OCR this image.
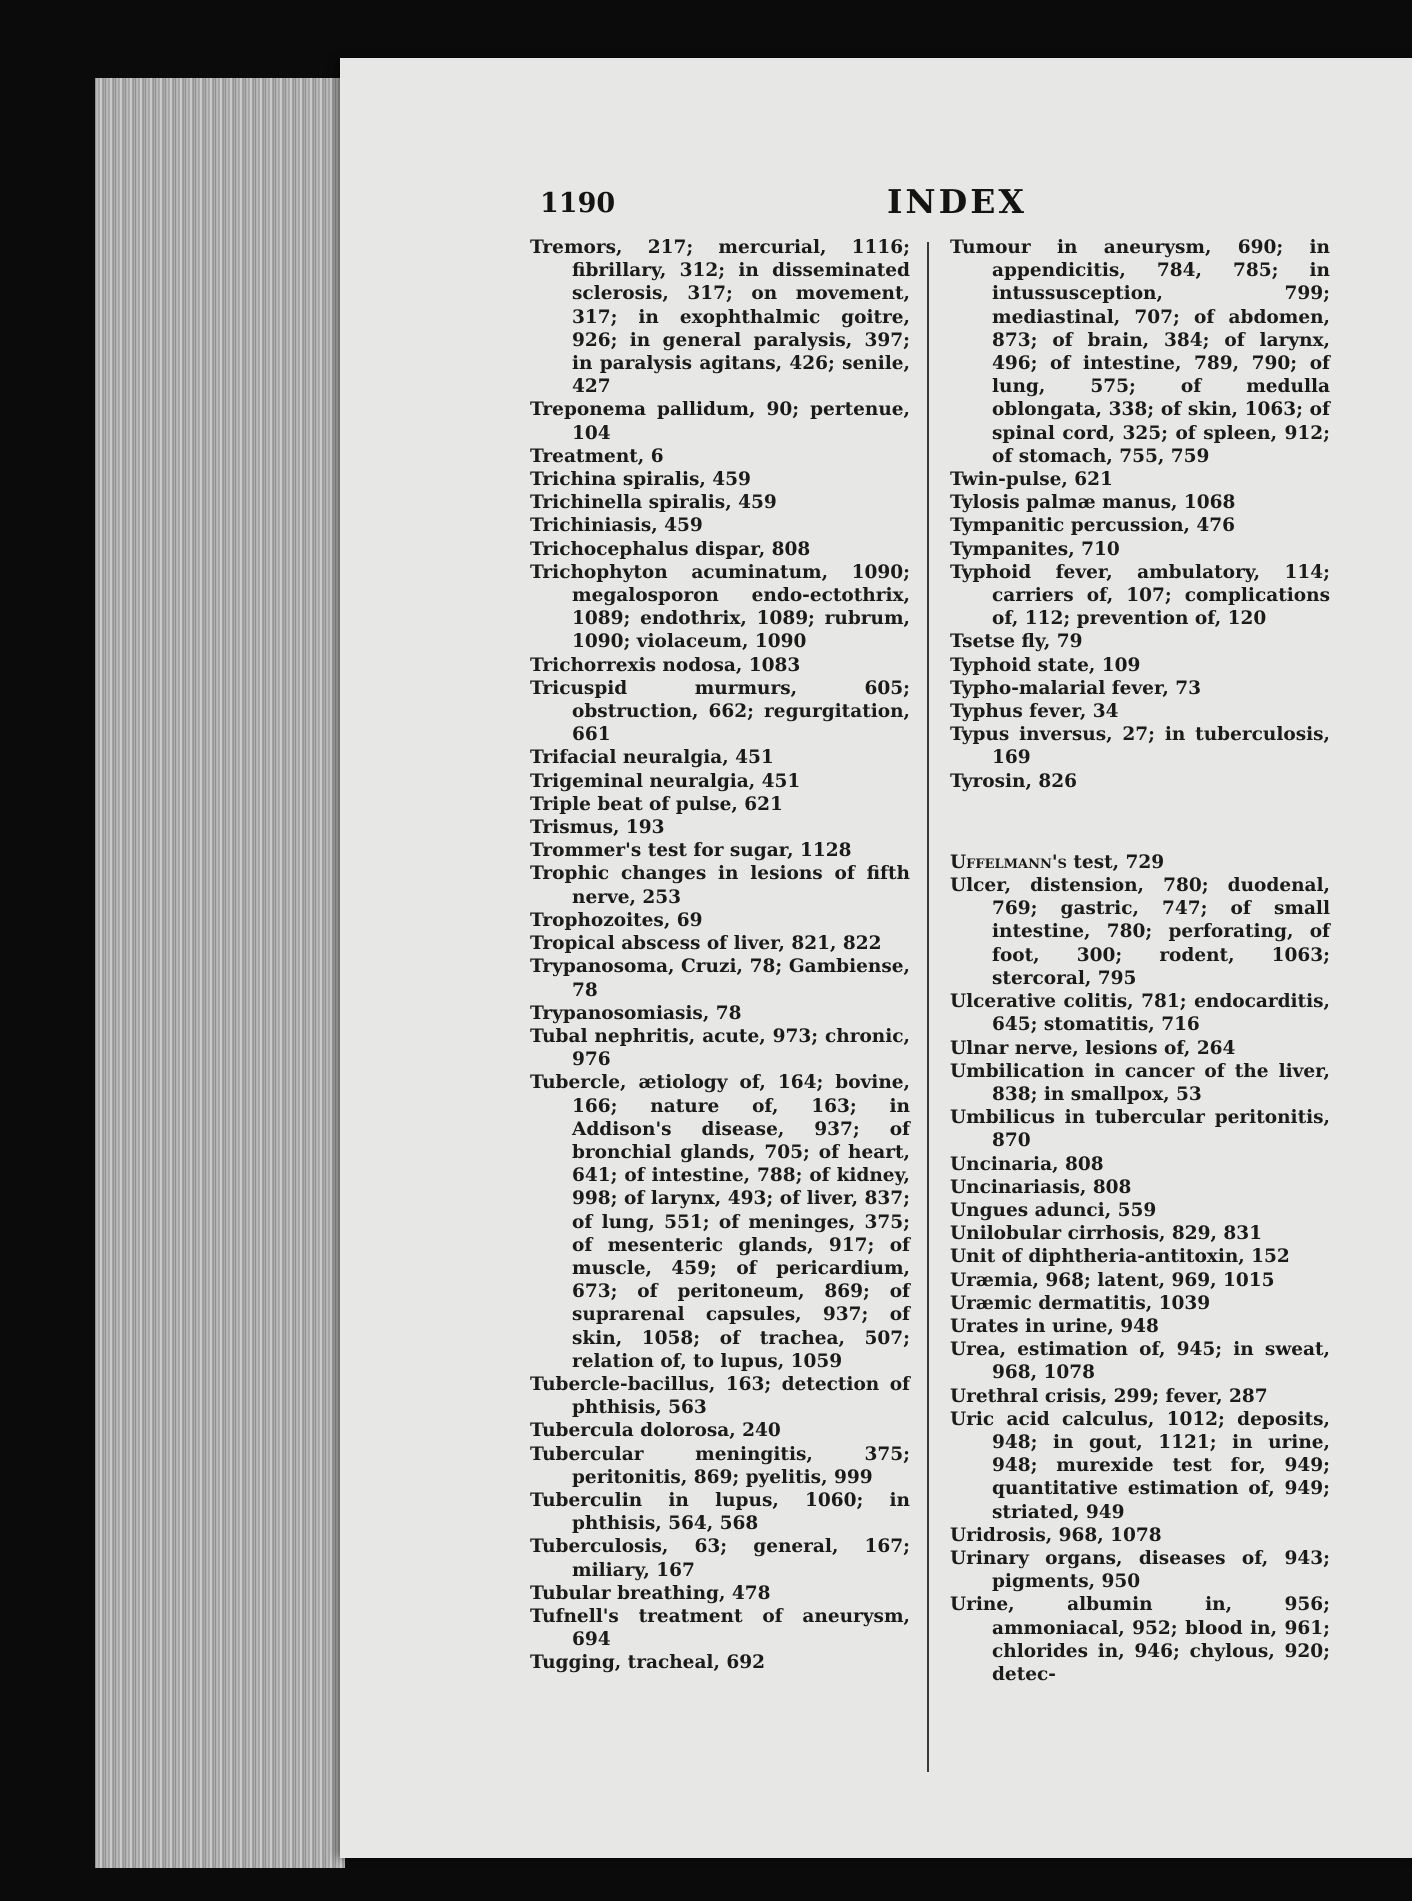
1190	INDEX

Tremors, 217; mercurial, 1116; fibrillary, 312; in disseminated sclerosis, 317; on movement, 317; in exophthalmic goitre, 926; in general paralysis, 397; in paralysis agitans, 426; senile, 427

Treponema pallidum, 90; pertenue, 104

Treatment, 6

Trichina spiralis, 459

Trichinella spiralis, 459

Trichiniasis, 459

Trichocephalus dispar, 808

Trichophyton acuminatum, 1090; megalosporon endo-ectothrix, 1089; endothrix, 1089; rubrum, 1090; violaceum, 1090

Trichorrexis nodosa, 1083

Tricuspid murmurs, 605; obstruction, 662; regurgitation, 661

Trifacial neuralgia, 451

Trigeminal neuralgia, 451

Triple beat of pulse, 621

Trismus, 193

Trommer's test for sugar, 1128

Trophic changes in lesions of fifth nerve, 253

Trophozoites, 69

Tropical abscess of liver, 821, 822

Trypanosoma, Cruzi, 78; Gambiense, 78

Trypanosomiasis, 78

Tubal nephritis, acute, 973; chronic, 976

Tubercle, ætiology of, 164; bovine, 166; nature of, 163; in Addison's disease, 937; of bronchial glands, 705; of heart, 641; of intestine, 788; of kidney, 998; of larynx, 493; of liver, 837; of lung, 551; of meninges, 375; of mesenteric glands, 917; of muscle, 459; of pericardium, 673; of peritoneum, 869; of suprarenal capsules, 937; of skin, 1058; of trachea, 507; relation of, to lupus, 1059

Tubercle-bacillus, 163; detection of phthisis, 563

Tubercula dolorosa, 240

Tubercular meningitis, 375; peritonitis, 869; pyelitis, 999

Tuberculin in lupus, 1060; in phthisis, 564, 568

Tuberculosis, 63; general, 167; miliary, 167

Tubular breathing, 478

Tufnell's treatment of aneurysm, 694

Tugging, tracheal, 692

Tumour in aneurysm, 690; in appendicitis, 784, 785; in intussusception, 799; mediastinal, 707; of abdomen, 873; of brain, 384; of larynx, 496; of intestine, 789, 790; of lung, 575; of medulla oblongata, 338; of skin, 1063; of spinal cord, 325; of spleen, 912; of stomach, 755, 759

Twin-pulse, 621

Tylosis palmæ manus, 1068

Tympanitic percussion, 476

Tympanites, 710

Typhoid fever, ambulatory, 114; carriers of, 107; complications of, 112; prevention of, 120

Tsetse fly, 79

Typhoid state, 109

Typho-malarial fever, 73

Typhus fever, 34

Typus inversus, 27; in tuberculosis, 169

Tyrosin, 826

Uffelmann's test, 729

Ulcer, distension, 780; duodenal, 769; gastric, 747; of small intestine, 780; perforating, of foot, 300; rodent, 1063; stercoral, 795

Ulcerative colitis, 781; endocarditis, 645; stomatitis, 716

Ulnar nerve, lesions of, 264

Umbilication in cancer of the liver, 838; in smallpox, 53

Umbilicus in tubercular peritonitis, 870

Uncinaria, 808

Uncinariasis, 808

Ungues adunci, 559

Unilobular cirrhosis, 829, 831

Unit of diphtheria-antitoxin, 152

Uræmia, 968; latent, 969, 1015

Uræmic dermatitis, 1039

Urates in urine, 948

Urea, estimation of, 945; in sweat, 968, 1078

Urethral crisis, 299; fever, 287

Uric acid calculus, 1012; deposits, 948; in gout, 1121; in urine, 948; murexide test for, 949; quantitative estimation of, 949; striated, 949

Uridrosis, 968, 1078

Urinary organs, diseases of, 943; pigments, 950

Urine, albumin in, 956; ammoniacal, 952; blood in, 961; chlorides in, 946; chylous, 920; detec-
